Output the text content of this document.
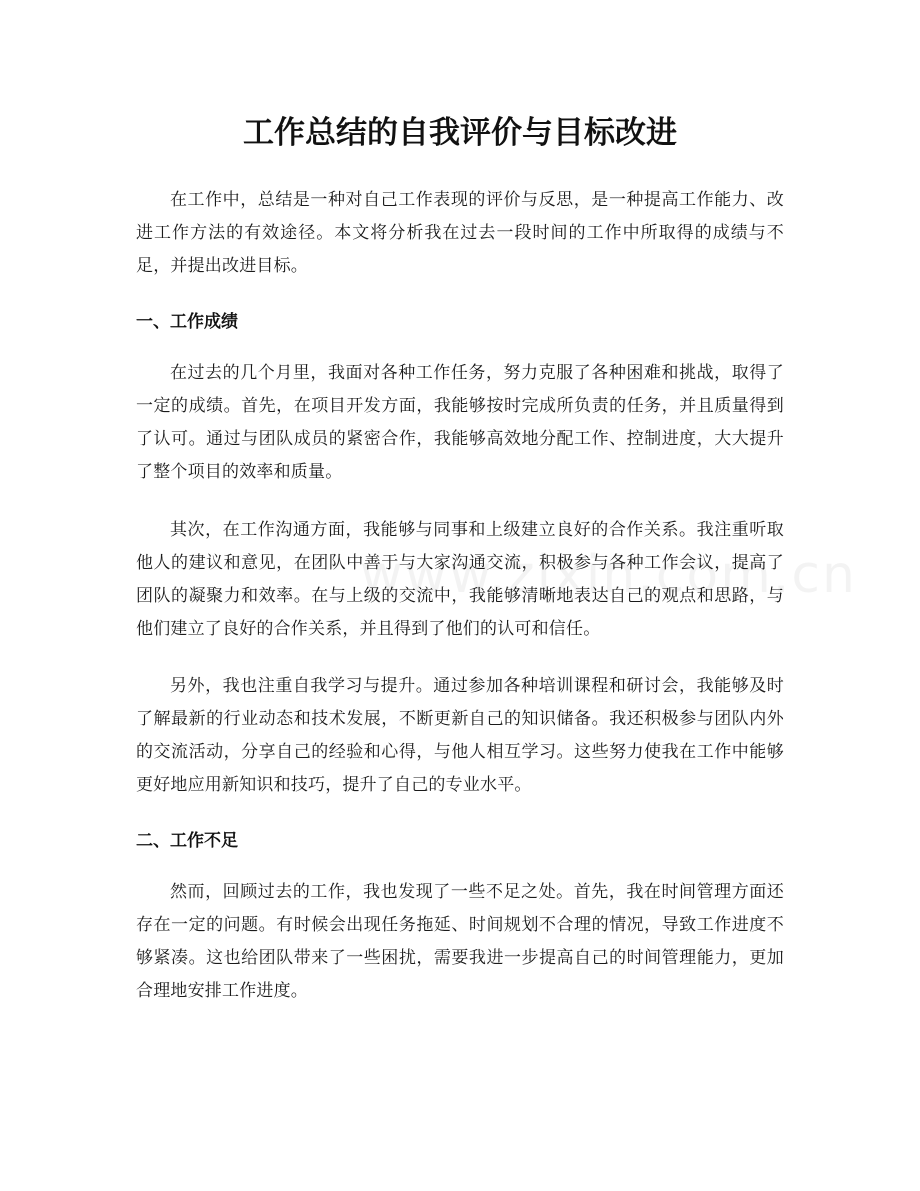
工作总结的自我评价与目标改进

在工作中，总结是一种对自己工作表现的评价与反思，是一种提高工作能力、改进工作方法的有效途径。本文将分析我在过去一段时间的工作中所取得的成绩与不足，并提出改进目标。

一、工作成绩

在过去的几个月里，我面对各种工作任务，努力克服了各种困难和挑战，取得了一定的成绩。首先，在项目开发方面，我能够按时完成所负责的任务，并且质量得到了认可。通过与团队成员的紧密合作，我能够高效地分配工作、控制进度，大大提升了整个项目的效率和质量。

其次，在工作沟通方面，我能够与同事和上级建立良好的合作关系。我注重听取他人的建议和意见，在团队中善于与大家沟通交流，积极参与各种工作会议，提高了团队的凝聚力和效率。在与上级的交流中，我能够清晰地表达自己的观点和思路，与他们建立了良好的合作关系，并且得到了他们的认可和信任。

另外，我也注重自我学习与提升。通过参加各种培训课程和研讨会，我能够及时了解最新的行业动态和技术发展，不断更新自己的知识储备。我还积极参与团队内外的交流活动，分享自己的经验和心得，与他人相互学习。这些努力使我在工作中能够更好地应用新知识和技巧，提升了自己的专业水平。

二、工作不足

然而，回顾过去的工作，我也发现了一些不足之处。首先，我在时间管理方面还存在一定的问题。有时候会出现任务拖延、时间规划不合理的情况，导致工作进度不够紧凑。这也给团队带来了一些困扰，需要我进一步提高自己的时间管理能力，更加合理地安排工作进度。
